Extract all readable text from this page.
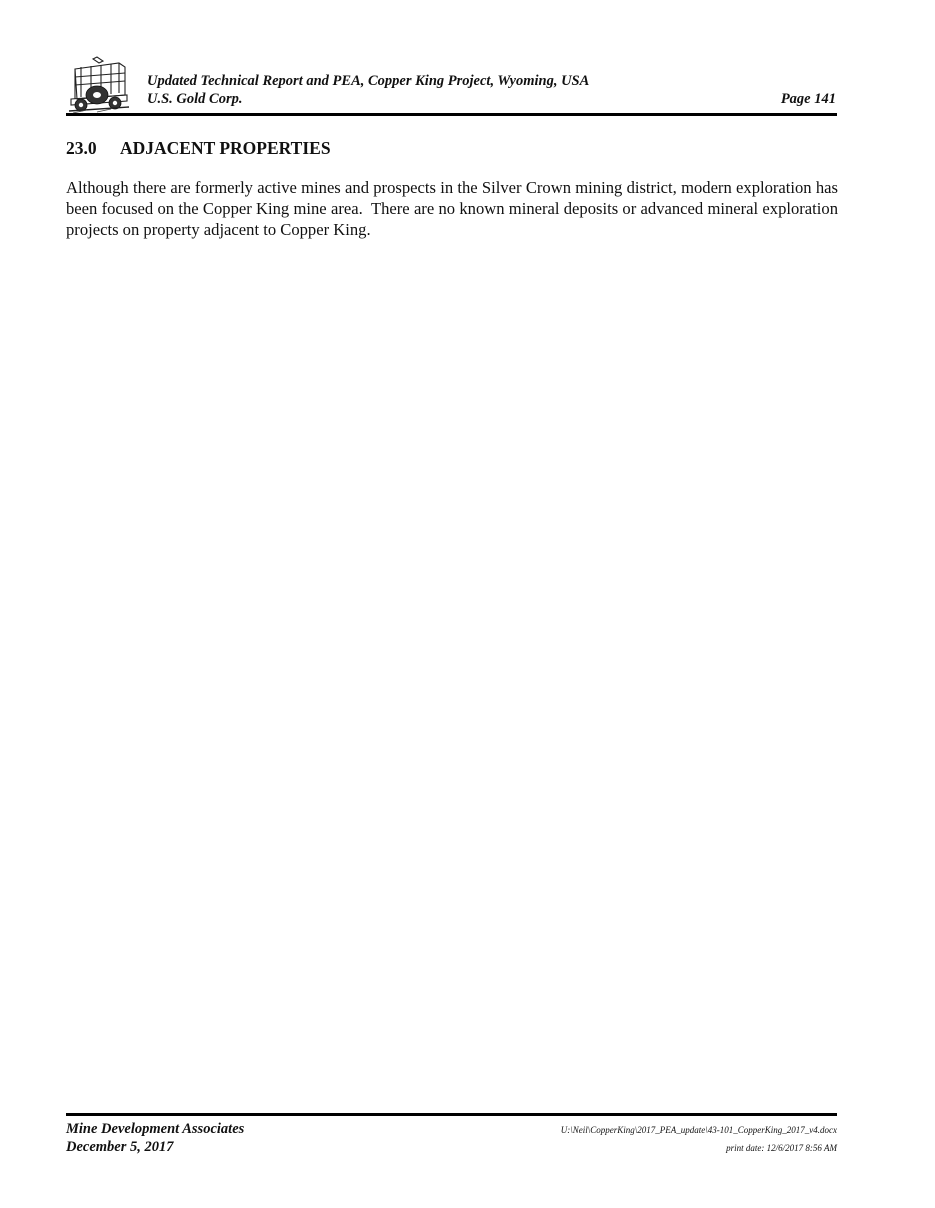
Updated Technical Report and PEA, Copper King Project, Wyoming, USA
U.S. Gold Corp.	Page 141
23.0 ADJACENT PROPERTIES

Although there are formerly active mines and prospects in the Silver Crown mining district, modern exploration has been focused on the Copper King mine area.  There are no known mineral deposits or advanced mineral exploration projects on property adjacent to Copper King.

Mine Development Associates
December 5, 2017
U:\Neil\CopperKing\2017_PEA_update\43-101_CopperKing_2017_v4.docx
print date: 12/6/2017 8:56 AM
